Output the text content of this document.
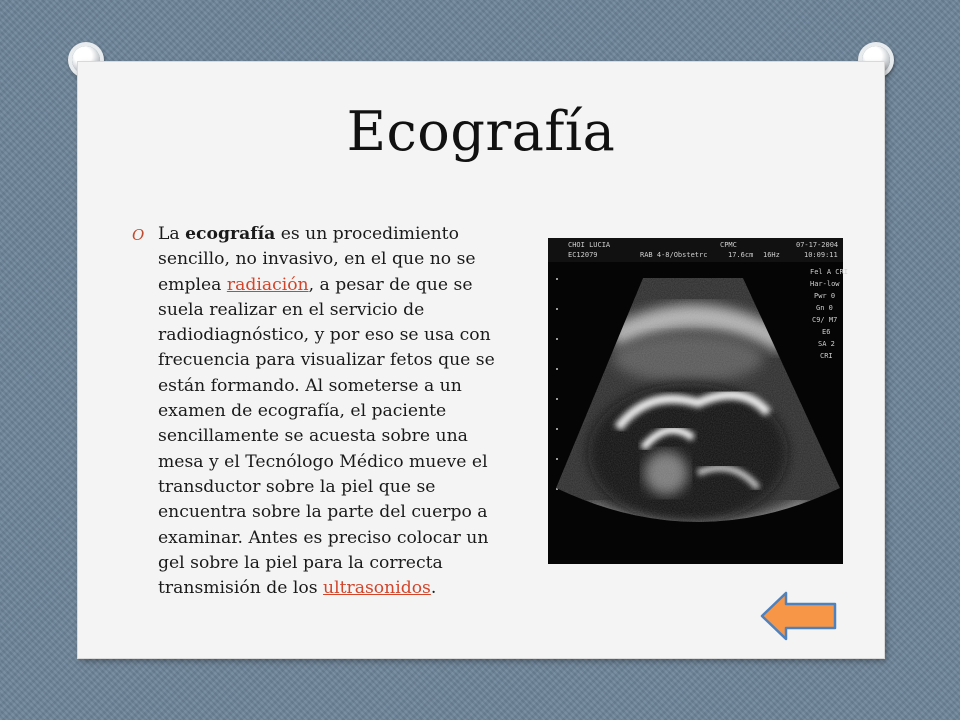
Ecografía
O La ecografía es un procedimiento sencillo, no invasivo, en el que no se emplea radiación, a pesar de que se suela realizar en el servicio de radiodiagnóstico, y por eso se usa con frecuencia para visualizar fetos que se están formando. Al someterse a un examen de ecografía, el paciente sencillamente se acuesta sobre una mesa y el Tecnólogo Médico mueve el transductor sobre la piel que se encuentra sobre la parte del cuerpo a examinar. Antes es preciso colocar un gel sobre la piel para la correcta transmisión de los ultrasonidos.

CHOI LUCIA
EC12079
CPMC
RAB 4-8/Obstetrc	17.6cm 16Hz
07-17-2004
10:09:11
Fel A CRI
Har-low
Pwr 0
Gn 0
C9/ M7
E6
SA 2
CRI
